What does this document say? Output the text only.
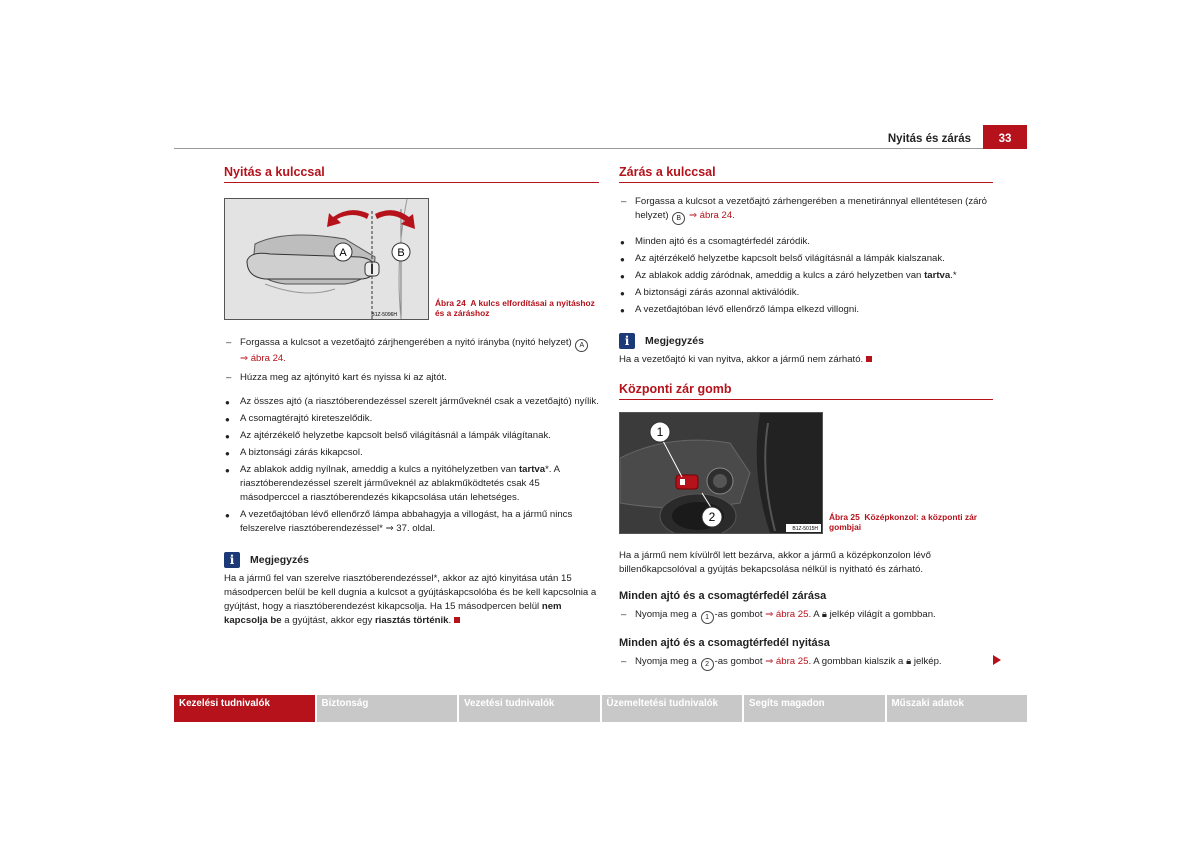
Nyitás és zárás	33
Nyitás a kulccsal
A	B
B1Z-5096H
Ábra 24 A kulcs elfordításai a nyitáshoz és a záráshoz

– Forgassa a kulcsot a vezetőajtó zárjhengerében a nyitó irányba (nyitó helyzet) A
⇒ ábra 24.

– Húzza meg az ajtónyitó kart és nyissa ki az ajtót.

● Az összes ajtó (a riasztóberendezéssel szerelt járműveknél csak a vezetőajtó) nyílik.

● A csomagtérajtó kireteszelődik.

● Az ajtérzékelő helyzetbe kapcsolt belső világításnál a lámpák világítanak.

● A biztonsági zárás kikapcsol.

● Az ablakok addig nyílnak, ameddig a kulcs a nyitóhelyzetben van tartva*. A riasztóberendezéssel szerelt járműveknél az ablakműködtetés csak 45 másodperccel a riasztóberendezés kikapcsolása után lehetséges.

● A vezetőajtóban lévő ellenőrző lámpa abbahagyja a villogást, ha a jármű nincs felszerelve riasztóberendezéssel* ⇒ 37. oldal.

i	Megjegyzés

Ha a jármű fel van szerelve riasztóberendezéssel*, akkor az ajtó kinyitása után 15 másodpercen belül be kell dugnia a kulcsot a gyújtáskapcsolóba és be kell kapcsolnia a gyújtást, hogy a riasztóberendezést kikapcsolja. Ha 15 másodpercen belül nem kapcsolja be a gyújtást, akkor egy riasztás történik.

Zárás a kulccsal

– Forgassa a kulcsot a vezetőajtó zárhengerében a menetiránnyal ellentétesen (zárό helyzet) B ⇒ ábra 24.

● Minden ajtó és a csomagtérfedél záródik.

● Az ajtérzékelő helyzetbe kapcsolt belső világításnál a lámpák kialszanak.

● Az ablakok addig záródnak, ameddig a kulcs a záró helyzetben van tartva.*

● A biztonsági zárás azonnal aktiválódik.

● A vezetőajtóban lévő ellenőrző lámpa elkezd villogni.

i	Megjegyzés

Ha a vezetőajtó ki van nyitva, akkor a jármű nem zárható.

Központi zár gomb
1
2
B1Z-5015H
Ábra 25 Középkonzol: a központi zár gombjai

Ha a jármű nem kívülről lett bezárva, akkor a jármű a középkonzolon lévő billenőkapcsolóval a gyújtás bekapcsolása nélkül is nyitható és zárható.

Minden ajtó és a csomagtérfedél zárása

– Nyomja meg a 1 -as gombot ⇒ ábra 25. A 🔒︎ jelkép világít a gombban.

Minden ajtó és a csomagtérfedél nyitása

– Nyomja meg a 2 -as gombot ⇒ ábra 25. A gombban kialszik a 🔒︎ jelkép.

Kezelési tudnivalók	Biztonság	Vezetési tudnivalók	Üzemeltetési tudnivalók	Segíts magadon	Műszaki adatok
